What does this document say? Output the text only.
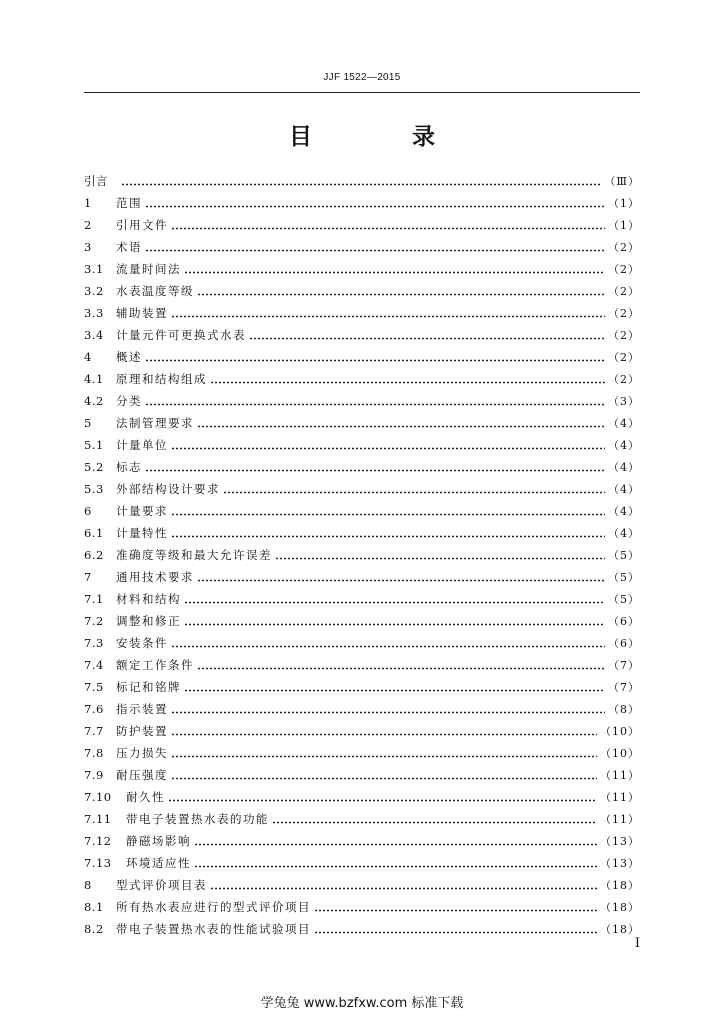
JJF 1522—2015
目 录
引言	（Ⅲ）
1	范围	（1）
2	引用文件	（1）
3	术语	（2）
3.1	流量时间法	（2）
3.2	水表温度等级	（2）
3.3	辅助装置	（2）
3.4	计量元件可更换式水表	（2）
4	概述	（2）
4.1	原理和结构组成	（2）
4.2	分类	（3）
5	法制管理要求	（4）
5.1	计量单位	（4）
5.2	标志	（4）
5.3	外部结构设计要求	（4）
6	计量要求	（4）
6.1	计量特性	（4）
6.2	准确度等级和最大允许误差	（5）
7	通用技术要求	（5）
7.1	材料和结构	（5）
7.2	调整和修正	（6）
7.3	安装条件	（6）
7.4	额定工作条件	（7）
7.5	标记和铭牌	（7）
7.6	指示装置	（8）
7.7	防护装置	（10）
7.8	压力损失	（10）
7.9	耐压强度	（11）
7.10	耐久性	（11）
7.11	带电子装置热水表的功能	（11）
7.12	静磁场影响	（13）
7.13	环境适应性	（13）
8	型式评价项目表	（18）
8.1	所有热水表应进行的型式评价项目	（18）
8.2	带电子装置热水表的性能试验项目	（18）
I
学兔兔 www.bzfxw.com 标准下载
